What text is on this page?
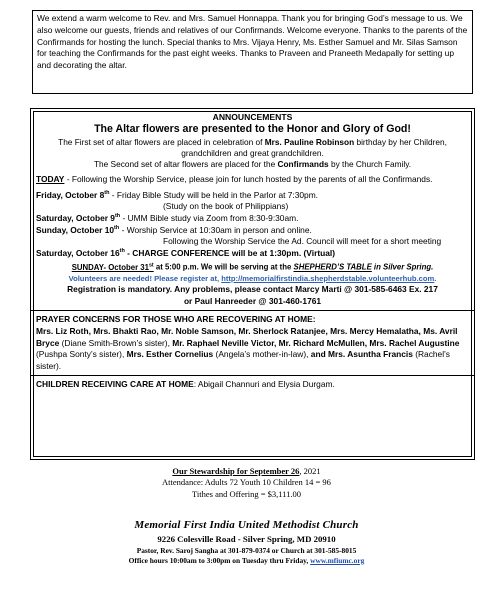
We extend a warm welcome to Rev. and Mrs. Samuel Honnappa. Thank you for bringing God’s message to us. We also welcome our guests, friends and relatives of our Confirmands. Welcome everyone. Thanks to the parents of the Confirmands for hosting the lunch. Special thanks to Mrs. Vijaya Henry, Ms. Esther Samuel and Mr. Silas Samson for teaching the Confirmands for the past eight weeks. Thanks to Praveen and Praneeth Medapally for setting up and decorating the altar.
ANNOUNCEMENTS
The Altar flowers are presented to the Honor and Glory of God!
The First set of altar flowers are placed in celebration of Mrs. Pauline Robinson birthday by her Children, grandchildren and great grandchildren.
The Second set of altar flowers are placed for the Confirmands by the Church Family.
TODAY - Following the Worship Service, please join for lunch hosted by the parents of all the Confirmands.
Friday, October 8th - Friday Bible Study will be held in the Parlor at 7:30pm.
(Study on the book of Philippians)
Saturday, October 9th - UMM Bible study via Zoom from 8:30-9:30am.
Sunday, October 10th - Worship Service at 10:30am in person and online.
Following the Worship Service the Ad. Council will meet for a short meeting
Saturday, October 16th - CHARGE CONFERENCE will be at 1:30pm. (Virtual)
SUNDAY- October 31st at 5:00 p.m. We will be serving at the SHEPHERD’S TABLE in Silver Spring.
Volunteers are needed! Please register at, http://memorialfirstindia.shepherdstable.volunteerhub.com.
Registration is mandatory. Any problems, please contact Marcy Marti @ 301-585-6463 Ex. 217
or Paul Hanreeder @ 301-460-1761
PRAYER CONCERNS FOR THOSE WHO ARE RECOVERING AT HOME:
Mrs. Liz Roth, Mrs. Bhakti Rao, Mr. Noble Samson, Mr. Sherlock Ratanjee, Mrs. Mercy Hemalatha, Ms. Avril Bryce (Diane Smith-Brown’s sister), Mr. Raphael Neville Victor, Mr. Richard McMullen, Mrs. Rachel Augustine (Pushpa Sonty’s sister), Mrs. Esther Cornelius (Angela’s mother-in-law), and Mrs. Asuntha Francis (Rachel’s sister).
CHILDREN RECEIVING CARE AT HOME: Abigail Channuri and Elysia Durgam.
Our Stewardship for September 26, 2021
Attendance: Adults 72 Youth 10 Children 14 = 96
Tithes and Offering = $3,111.00
Memorial First India United Methodist Church
9226 Colesville Road - Silver Spring, MD 20910
Pastor, Rev. Saroj Sangha at 301-879-0374 or Church at 301-585-8015
Office hours 10:00am to 3:00pm on Tuesday thru Friday, www.mfiumc.org
